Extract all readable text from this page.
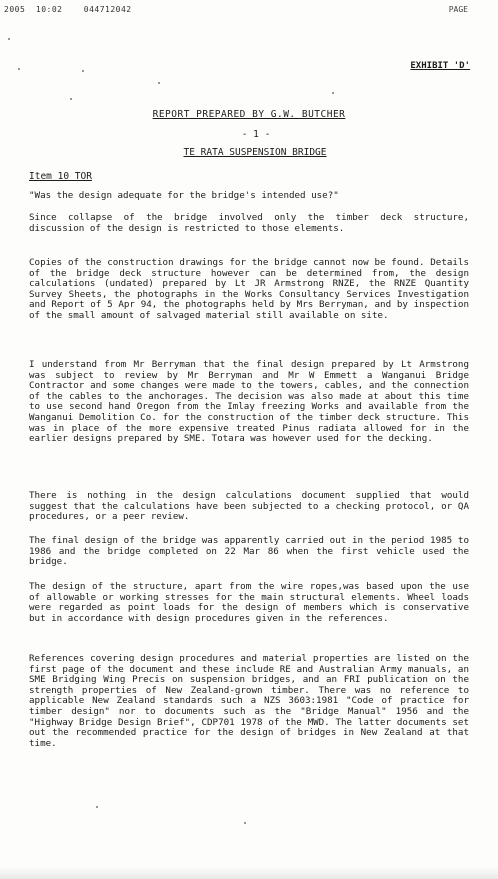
2005  10:02    044712042	PAGE
EXHIBIT 'D'
REPORT PREPARED BY G.W. BUTCHER
- 1 -
TE RATA SUSPENSION BRIDGE
Item 10 TOR

"Was the design adequate for the bridge's intended use?"

Since collapse of the bridge involved only the timber deck structure, discussion of the design is restricted to those elements.

Copies of the construction drawings for the bridge cannot now be found. Details of the bridge deck structure however can be determined from, the design calculations (undated) prepared by Lt JR Armstrong RNZE, the RNZE Quantity Survey Sheets, the photographs in the Works Consultancy Services Investigation and Report of 5 Apr 94, the photographs held by Mrs Berryman, and by inspection of the small amount of salvaged material still available on site.

I understand from Mr Berryman that the final design prepared by Lt Armstrong was subject to review by Mr Berryman and Mr W Emmett a Wanganui Bridge Contractor and some changes were made to the towers, cables, and the connection of the cables to the anchorages. The decision was also made at about this time to use second hand Oregon from the Imlay freezing Works and available from the Wanganui Demolition Co. for the construction of the timber deck structure. This was in place of the more expensive treated Pinus radiata allowed for in the earlier designs prepared by SME. Totara was however used for the decking.

There is nothing in the design calculations document supplied that would suggest that the calculations have been subjected to a checking protocol, or QA procedures, or a peer review.

The final design of the bridge was apparently carried out in the period 1985 to 1986 and the bridge completed on 22 Mar 86 when the first vehicle used the bridge.

The design of the structure, apart from the wire ropes,was based upon the use of allowable or working stresses for the main structural elements. Wheel loads were regarded as point loads for the design of members which is conservative but in accordance with design procedures given in the references.

References covering design procedures and material properties are listed on the first page of the document and these include RE and Australian Army manuals, an SME Bridging Wing Precis on suspension bridges, and an FRI publication on the strength properties of New Zealand-grown timber. There was no reference to applicable New Zealand standards such a NZS 3603:1981 "Code of practice for timber design" nor to documents such as the "Bridge Manual" 1956 and the "Highway Bridge Design Brief", CDP701 1978 of the MWD. The latter documents set out the recommended practice for the design of bridges in New Zealand at that time.
